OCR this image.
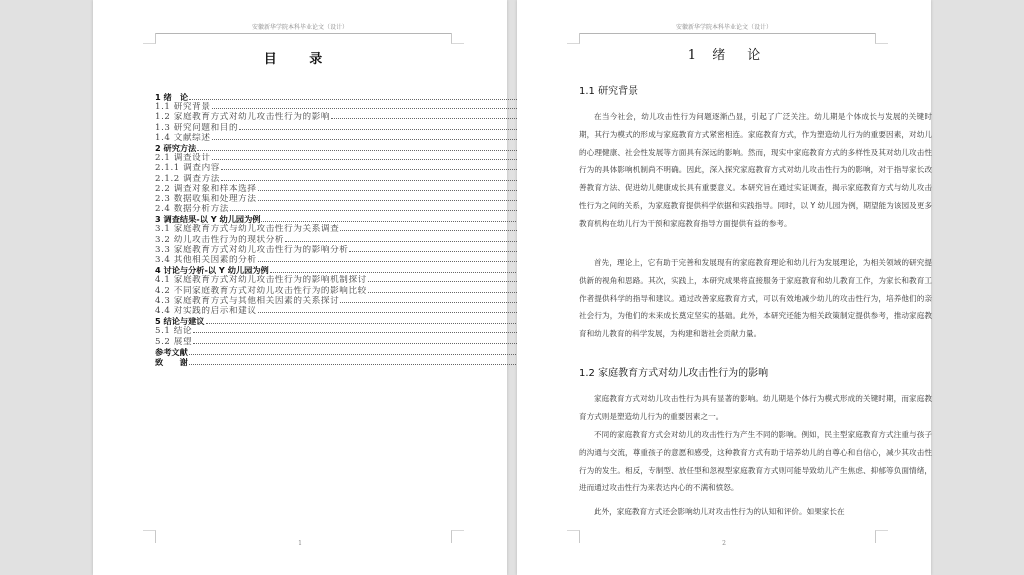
安徽新华学院本科毕业论文（设计）
目 录
1 绪　论
1.1 研究背景
1.2 家庭教育方式对幼儿攻击性行为的影响
1.3 研究问题和目的
1.4 文献综述
2 研究方法
2.1 调查设计
2.1.1 调查内容
2.1.2 调查方法
2.2 调查对象和样本选择
2.3 数据收集和处理方法
2.4 数据分析方法
3 调查结果-以 Y 幼儿园为例
3.1 家庭教育方式与幼儿攻击性行为关系调查
3.2 幼儿攻击性行为的现状分析
3.3 家庭教育方式对幼儿攻击性行为的影响分析
3.4 其他相关因素的分析
4 讨论与分析-以 Y 幼儿园为例
4.1 家庭教育方式对幼儿攻击性行为的影响机制探讨
4.2 不同家庭教育方式对幼儿攻击性行为的影响比较
4.3 家庭教育方式与其他相关因素的关系探讨
4.4 对实践的启示和建议
5 结论与建议
5.1 结论
5.2 展望
参考文献
致　　谢
1
安徽新华学院本科毕业论文（设计）
1 绪 论
1.1 研究背景
在当今社会，幼儿攻击性行为问题逐渐凸显，引起了广泛关注。幼儿期是个体成长与发展的关键时期，其行为模式的形成与家庭教育方式紧密相连。家庭教育方式，作为塑造幼儿行为的重要因素，对幼儿的心理健康、社会性发展等方面具有深远的影响。然而，现实中家庭教育方式的多样性及其对幼儿攻击性行为的具体影响机制尚不明确。因此，深入探究家庭教育方式对幼儿攻击性行为的影响，对于指导家长改善教育方法、促进幼儿健康成长具有重要意义。本研究旨在通过实证调查，揭示家庭教育方式与幼儿攻击性行为之间的关系，为家庭教育提供科学依据和实践指导。同时，以 Y 幼儿园为例，期望能为该园及更多教育机构在幼儿行为干预和家庭教育指导方面提供有益的参考。
首先，理论上，它有助于完善和发展现有的家庭教育理论和幼儿行为发展理论，为相关领域的研究提供新的视角和思路。其次，实践上，本研究成果将直接服务于家庭教育和幼儿教育工作，为家长和教育工作者提供科学的指导和建议。通过改善家庭教育方式，可以有效地减少幼儿的攻击性行为，培养他们的亲社会行为，为他们的未来成长奠定坚实的基础。此外，本研究还能为相关政策制定提供参考，推动家庭教育和幼儿教育的科学发展，为构建和谐社会贡献力量。
1.2 家庭教育方式对幼儿攻击性行为的影响
家庭教育方式对幼儿攻击性行为具有显著的影响。幼儿期是个体行为模式形成的关键时期，而家庭教育方式则是塑造幼儿行为的重要因素之一。
不同的家庭教育方式会对幼儿的攻击性行为产生不同的影响。例如，民主型家庭教育方式注重与孩子的沟通与交流，尊重孩子的意愿和感受，这种教育方式有助于培养幼儿的自尊心和自信心，减少其攻击性行为的发生。相反，专制型、放任型和忽视型家庭教育方式则可能导致幼儿产生焦虑、抑郁等负面情绪，进而通过攻击性行为来表达内心的不满和愤怒。
此外，家庭教育方式还会影响幼儿对攻击性行为的认知和评价。如果家长在
2
